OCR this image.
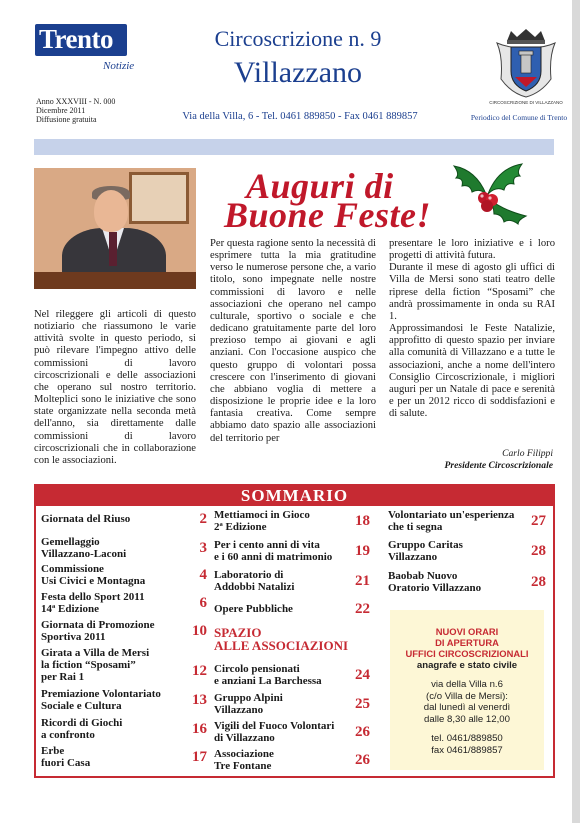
Trento
Notizie
Anno XXXVIII - N. 000
Dicembre 2011
Diffusione gratuita
Circoscrizione n. 9
Villazzano
Via della Villa, 6 - Tel. 0461 889850 - Fax 0461 889857
CIRCOSCRIZIONE DI VILLAZZANO
Periodico del Comune di Trento
Auguri di
Buone Feste!

Nel rileggere gli articoli di questo notiziario che riassumono le varie attività svolte in questo periodo, si può rilevare l'impegno attivo delle commissioni di lavoro circoscrizionali e delle associazioni che operano sul nostro territorio. Molteplici sono le iniziative che sono state organizzate nella seconda metà dell'anno, sia direttamente dalle commissioni di lavoro circoscrizionali che in collaborazione con le associazioni.

Per questa ragione sento la necessità di esprimere tutta la mia gratitudine verso le numerose persone che, a vario titolo, sono impegnate nelle nostre commissioni di lavoro e nelle associazioni che operano nel campo culturale, sportivo o sociale e che dedicano gratuitamente parte del loro prezioso tempo ai giovani e agli anziani. Con l'occasione auspico che questo gruppo di volontari possa crescere con l'inserimento di giovani che abbiano voglia di mettere a disposizione le proprie idee e la loro fantasia creativa. Come sempre abbiamo dato spazio alle associazioni del territorio per

presentare le loro iniziative e i loro progetti di attività futura.

Durante il mese di agosto gli uffici di Villa de Mersi sono stati teatro delle riprese della fiction “Sposami” che andrà prossimamente in onda su RAI 1.

Approssimandosi le Feste Natalizie, approfitto di questo spazio per inviare alla comunità di Villazzano e a tutte le associazioni, anche a nome dell'intero Consiglio Circoscrizionale, i migliori auguri per un Natale di pace e serenità e per un 2012 ricco di soddisfazioni e di salute.

Carlo Filippi
Presidente Circoscrizionale
SOMMARIO
Giornata del Riuso	2
Gemellaggio
Villazzano-Laconi	3
Commissione
Usi Civici e Montagna	4
Festa dello Sport 2011
14ª Edizione	6
Giornata di Promozione
Sportiva 2011	10
Girata a Villa de Mersi
la fiction “Sposami”
per Rai 1	12
Premiazione Volontariato
Sociale e Cultura	13
Ricordi di Giochi
a confronto	16
Erbe
fuori Casa	17
Mettiamoci in Gioco
2ª Edizione	18
Per i cento anni di vita
e i 60 anni di matrimonio	19
Laboratorio di
Addobbi Natalizi	21
Opere Pubbliche	22
SPAZIO
ALLE ASSOCIAZIONI
Circolo pensionati
e anziani La Barchessa	24
Gruppo Alpini
Villazzano	25
Vigili del Fuoco Volontari
di Villazzano	26
Associazione
Tre Fontane	26
Volontariato un'esperienza
che ti segna	27
Gruppo Caritas
Villazzano	28
Baobab Nuovo
Oratorio Villazzano	28
NUOVI ORARI
DI APERTURA
UFFICI CIRCOSCRIZIONALI
anagrafe e stato civile
via della Villa n.6
(c/o Villa de Mersi):
dal lunedì al venerdì
dalle 8,30 alle 12,00
tel. 0461/889850
fax 0461/889857
